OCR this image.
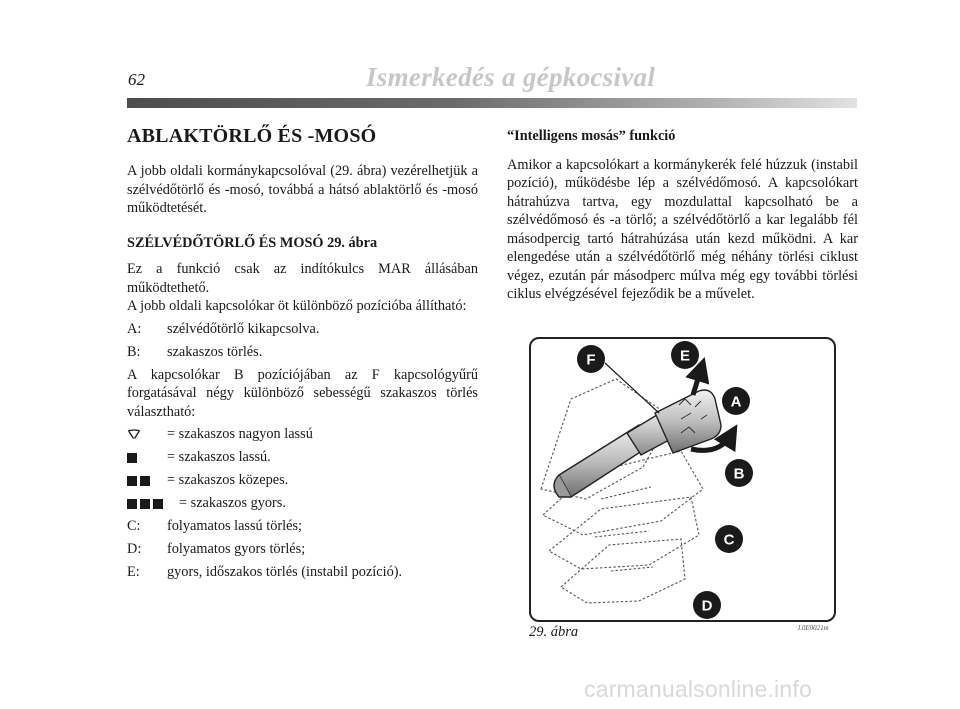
62	Ismerkedés a gépkocsival
ABLAKTÖRLŐ ÉS -MOSÓ

A jobb oldali kormánykapcsolóval (29. ábra) vezérelhetjük a szélvédőtörlő és -mosó, továbbá a hátsó ablaktörlő és -mosó működtetését.

SZÉLVÉDŐTÖRLŐ ÉS MOSÓ 29. ábra

Ez a funkció csak az indítókulcs MAR állásában működtethető.

A jobb oldali kapcsolókar öt különböző pozícióba állítható:

A:	szélvédőtörlő kikapcsolva.
B:	szakaszos törlés.

A kapcsolókar B pozíciójában az F kapcsológyűrű forgatásával négy különböző sebességű szakaszos törlés választható:

= szakaszos nagyon lassú
= szakaszos lassú.
= szakaszos közepes.
= szakaszos gyors.
C:	folyamatos lassú törlés;
D:	folyamatos gyors törlés;
E:	gyors, időszakos törlés (instabil pozíció).

“Intelligens mosás” funkció

Amikor a kapcsolókart a kormánykerék felé húzzuk (instabil pozíció), működésbe lép a szélvédőmosó. A kapcsolókart hátrahúzva tartva, egy mozdulattal kapcsolható be a szélvédőmosó és -a törlő; a szélvédőtörlő a kar legalább fél másodpercig tartó hátrahúzása után kezd működni. A kar elengedése után a szélvédőtörlő még néhány törlési ciklust végez, ezután pár másodperc múlva még egy további törlési ciklus elvégzésével fejeződik be a művelet.

F	E
A
B
C
D
29. ábra	L0E0021m
carmanualsonline.info
